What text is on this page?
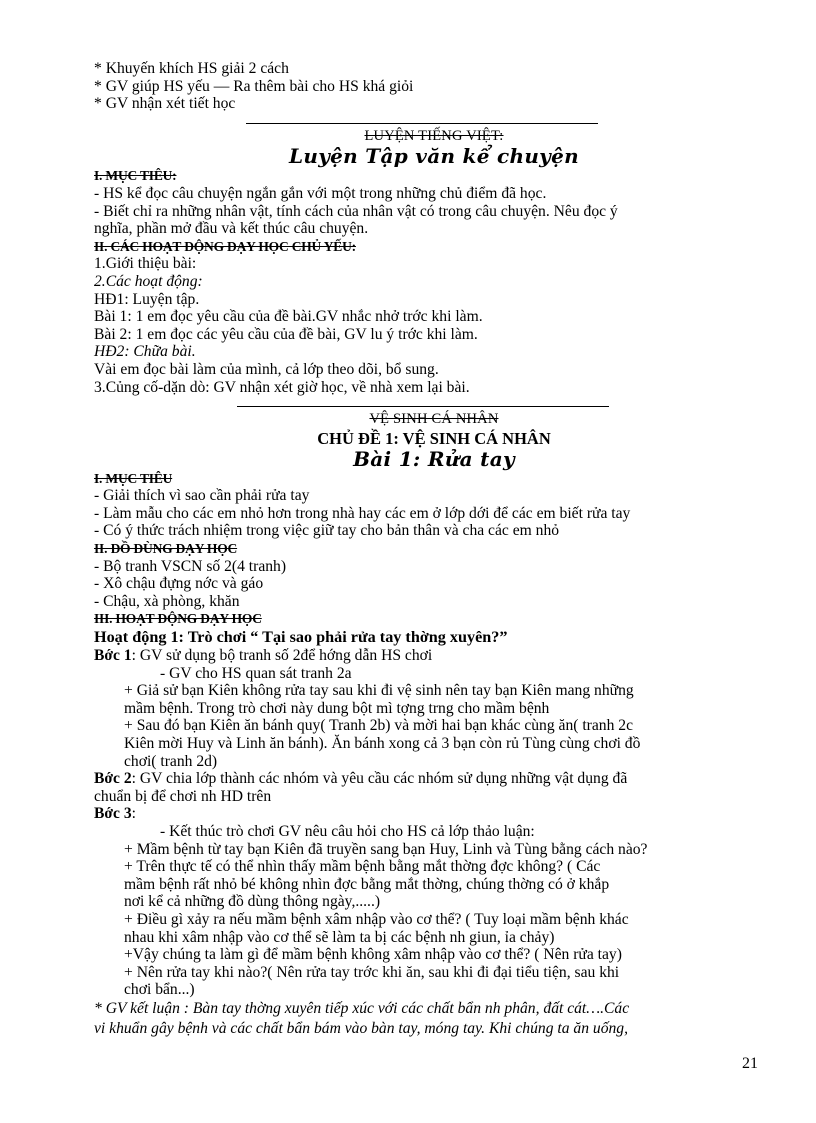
* Khuyến khích HS giải 2 cách
* GV giúp HS yếu — Ra thêm bài cho HS khá giỏi
* GV nhận xét tiết học
LUYỆN TIẾNG VIỆT:
Luyện Tập văn kể chuyện
I. MỤC TIÊU:
- HS kể đọc câu chuyện ngắn gắn với một trong những chủ điểm đã học.
- Biết chỉ ra những nhân vật, tính cách của nhân vật có trong câu chuyện. Nêu đọc ý
nghĩa, phần mở đầu và kết thúc câu chuyện.
II. CÁC HOẠT ĐỘNG DẠY HỌC CHỦ YẾU:
1.Giới thiệu bài:
2.Các hoạt động:
HĐ1: Luyện tập.
Bài 1: 1 em đọc yêu cầu của đề bài.GV nhắc nhở trớc khi làm.
Bài 2: 1 em đọc các yêu cầu của đề bài, GV lu ý trớc khi làm.
HĐ2: Chữa bài.
Vài em đọc bài làm của mình, cả lớp theo dõi, bổ sung.
3.Củng cố-dặn dò: GV nhận xét giờ học, về nhà xem lại bài.
VỆ SINH CÁ NHÂN
CHỦ ĐỀ 1: VỆ SINH CÁ NHÂN
Bài 1: Rửa tay
I. MỤC TIÊU
- Giải thích vì sao cần phải rửa tay
- Làm mẫu cho các em nhỏ hơn trong nhà hay các em ở lớp dới để các em biết rửa tay
- Có ý thức trách nhiệm trong việc giữ tay cho bản thân và cha các em nhỏ
II. ĐỒ DÙNG DẠY HỌC
- Bộ tranh VSCN số 2(4 tranh)
- Xô chậu đựng nớc và gáo
- Chậu, xà phòng, khăn
III. HOẠT ĐỘNG DẠY HỌC
Hoạt động 1: Trò chơi “ Tại sao phải rửa tay thờng xuyên?”
Bớc 1: GV sử dụng bộ tranh số 2để hớng dẫn HS chơi
- GV cho HS quan sát tranh 2a
+ Giả sử bạn Kiên không rửa tay sau khi đi vệ sinh nên tay bạn Kiên mang những
mầm bệnh. Trong trò chơi này dung bột mì tợng trng cho mầm bệnh
+ Sau đó bạn Kiên ăn bánh quy( Tranh 2b) và mời hai bạn khác cùng ăn( tranh 2c
Kiên mời Huy và Linh ăn bánh). Ăn bánh xong cả 3 bạn còn rủ Tùng cùng chơi đồ
chơi( tranh 2d)
Bớc 2: GV chia lớp thành các nhóm và yêu cầu các nhóm sử dụng những vật dụng đã
chuẩn bị để chơi nh HD trên
Bớc 3:
- Kết thúc trò chơi GV nêu câu hỏi cho HS cả lớp thảo luận:
+ Mầm bệnh từ tay bạn Kiên đã truyền sang bạn Huy, Linh và Tùng bằng cách nào?
+ Trên thực tế có thể nhìn thấy mầm bệnh bằng mắt thờng đợc không? ( Các
mầm bệnh rất nhỏ bé không nhìn đợc bằng mắt thờng, chúng thờng có ở khắp
nơi kể cả những đồ dùng thông ngày,.....)
+ Điều gì xảy ra nếu mầm bệnh xâm nhập vào cơ thể? ( Tuy loại mầm bệnh khác
nhau khi xâm nhập vào cơ thể sẽ làm ta bị các bệnh nh giun, ỉa chảy)
+Vậy chúng ta làm gì để mầm bệnh không xâm nhập vào cơ thể? ( Nên rửa tay)
+ Nên rửa tay khi nào?( Nên rửa tay trớc khi ăn, sau khi đi đại tiểu tiện, sau khi
chơi bẩn...)
* GV kết luận : Bàn tay thờng xuyên tiếp xúc với các chất bẩn nh phân, đất cát….Các
vi khuẩn gây bệnh và các chất bẩn bám vào bàn tay, móng tay. Khi chúng ta ăn uống,
21
